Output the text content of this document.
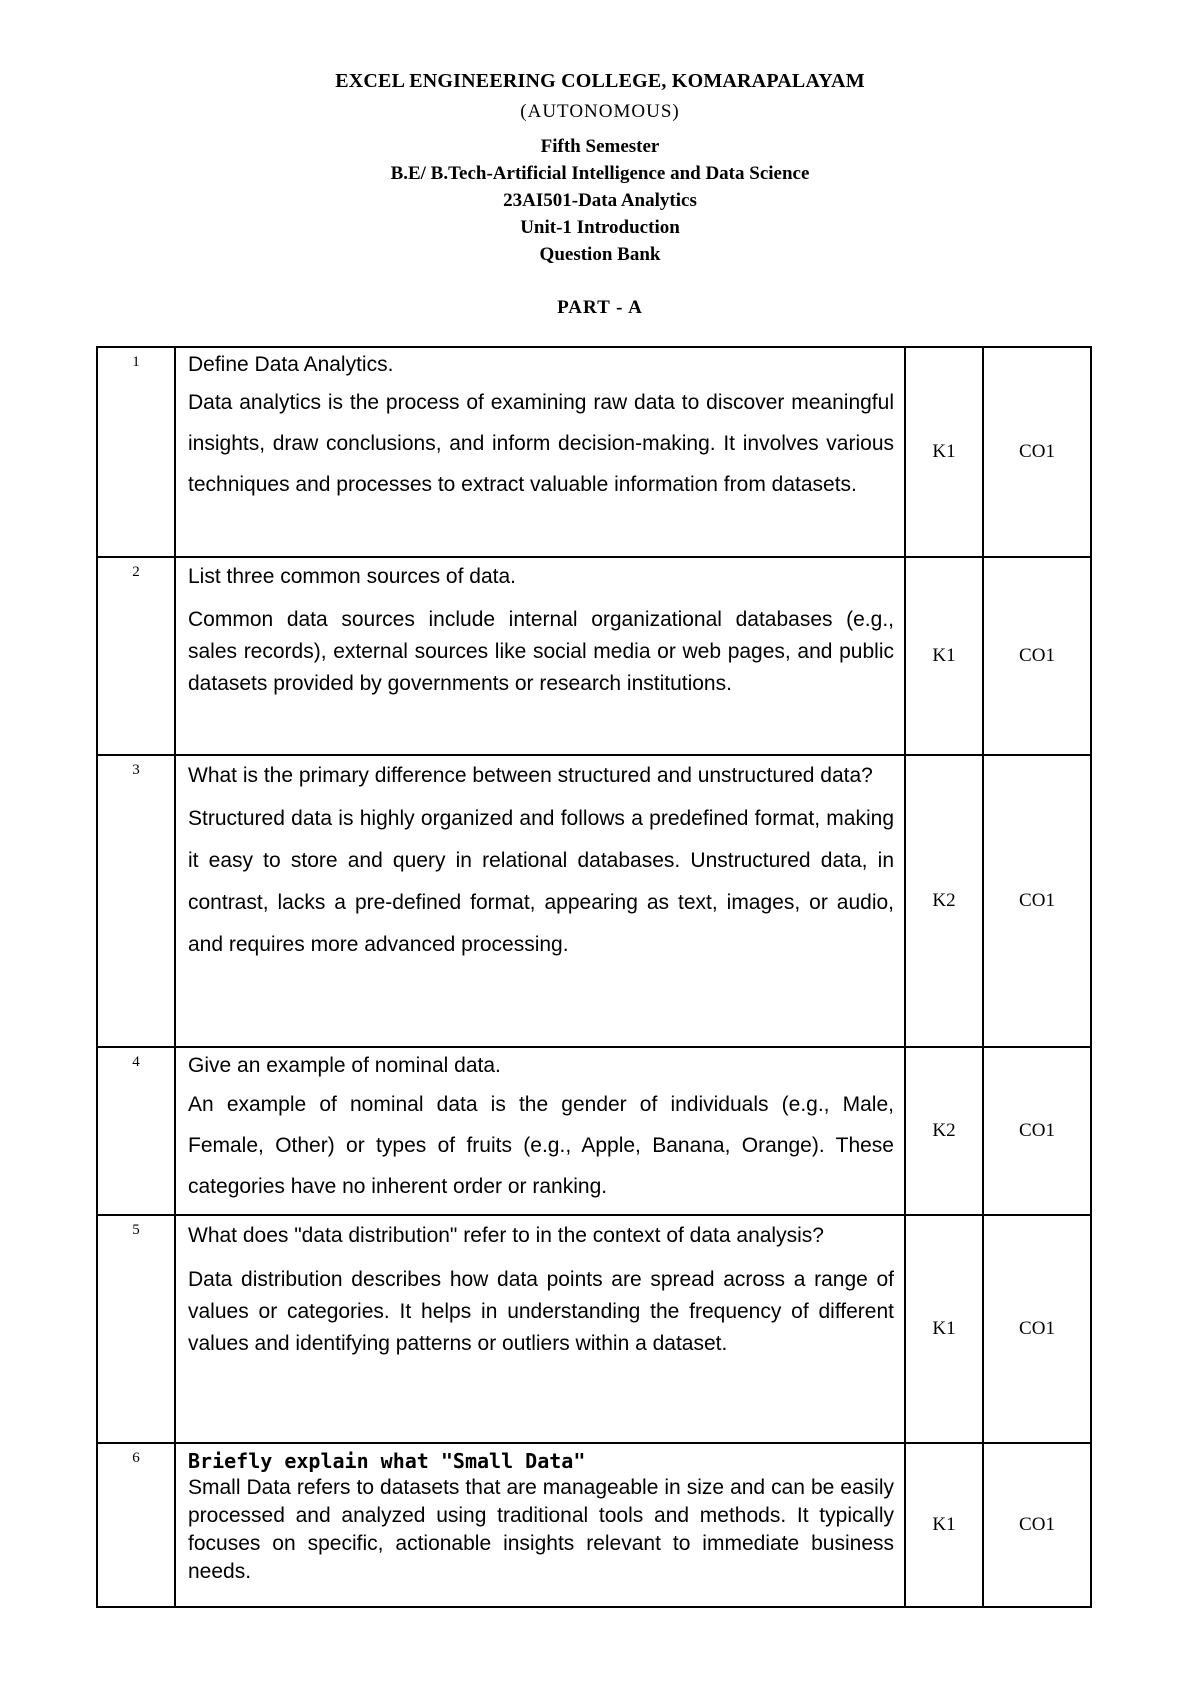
EXCEL ENGINEERING COLLEGE, KOMARAPALAYAM
(AUTONOMOUS)
Fifth Semester
B.E/ B.Tech-Artificial Intelligence and Data Science
23AI501-Data Analytics
Unit-1 Introduction
Question Bank
PART - A
1	Define Data Analytics.

Data analytics is the process of examining raw data to discover meaningful insights, draw conclusions, and inform decision-making. It involves various techniques and processes to extract valuable information from datasets.	K1	CO1
2	List three common sources of data.

Common data sources include internal organizational databases (e.g., sales records), external sources like social media or web pages, and public datasets provided by governments or research institutions.	K1	CO1
3	What is the primary difference between structured and unstructured data?

Structured data is highly organized and follows a predefined format, making it easy to store and query in relational databases. Unstructured data, in contrast, lacks a pre-defined format, appearing as text, images, or audio, and requires more advanced processing.	K2	CO1
4	Give an example of nominal data.

An example of nominal data is the gender of individuals (e.g., Male, Female, Other) or types of fruits (e.g., Apple, Banana, Orange). These categories have no inherent order or ranking.	K2	CO1
5	What does "data distribution" refer to in the context of data analysis?

Data distribution describes how data points are spread across a range of values or categories. It helps in understanding the frequency of different values and identifying patterns or outliers within a dataset.	K1	CO1
6	Briefly explain what "Small Data"

Small Data refers to datasets that are manageable in size and can be easily processed and analyzed using traditional tools and methods. It typically focuses on specific, actionable insights relevant to immediate business needs.	K1	CO1
